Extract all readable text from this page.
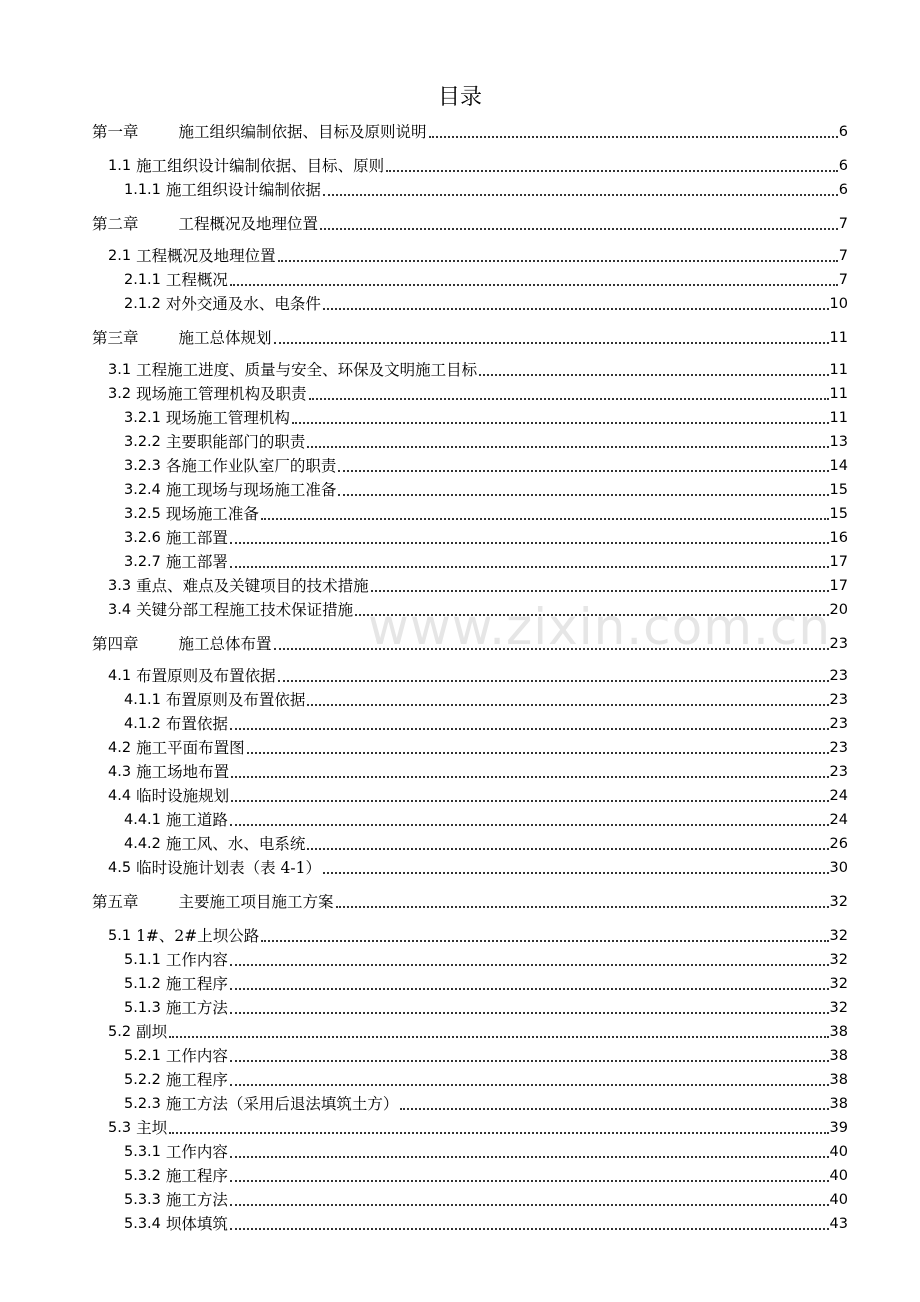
www.zixin.com.cn
目录
第一章	施工组织编制依据、目标及原则说明	6
1.1 施工组织设计编制依据、目标、原则	6
1.1.1 施工组织设计编制依据	6
第二章	工程概况及地理位置	7
2.1 工程概况及地理位置	7
2.1.1 工程概况	7
2.1.2 对外交通及水、电条件	10
第三章	施工总体规划	11
3.1 工程施工进度、质量与安全、环保及文明施工目标	11
3.2 现场施工管理机构及职责	11
3.2.1 现场施工管理机构	11
3.2.2 主要职能部门的职责	13
3.2.3 各施工作业队室厂的职责	14
3.2.4 施工现场与现场施工准备	15
3.2.5 现场施工准备	15
3.2.6 施工部置	16
3.2.7 施工部署	17
3.3 重点、难点及关键项目的技术措施	17
3.4 关键分部工程施工技术保证措施	20
第四章	施工总体布置	23
4.1 布置原则及布置依据	23
4.1.1 布置原则及布置依据	23
4.1.2 布置依据	23
4.2 施工平面布置图	23
4.3 施工场地布置	23
4.4 临时设施规划	24
4.4.1 施工道路	24
4.4.2 施工风、水、电系统	26
4.5 临时设施计划表（表 4-1）	30
第五章	主要施工项目施工方案	32
5.1 1#、2#上坝公路	32
5.1.1 工作内容	32
5.1.2 施工程序	32
5.1.3 施工方法	32
5.2 副坝	38
5.2.1 工作内容	38
5.2.2 施工程序	38
5.2.3 施工方法（采用后退法填筑土方）	38
5.3 主坝	39
5.3.1 工作内容	40
5.3.2 施工程序	40
5.3.3 施工方法	40
5.3.4 坝体填筑	43
